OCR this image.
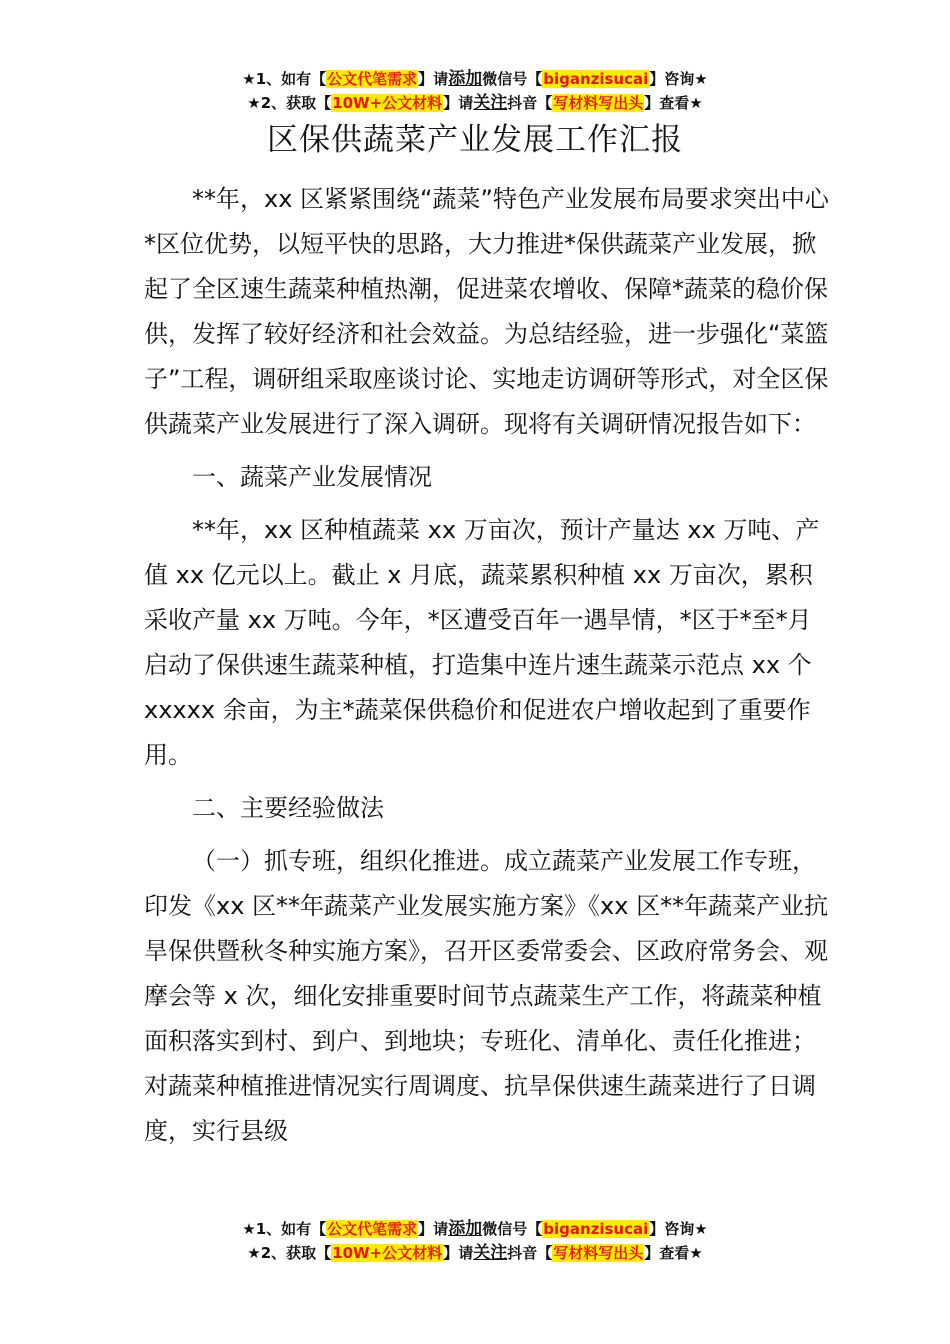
★1、如有【公文代笔需求】请添加微信号【biganzisucai】咨询★
★2、获取【10W+公文材料】请关注抖音【写材料写出头】查看★
区保供蔬菜产业发展工作汇报

**年，xx 区紧紧围绕“蔬菜”特色产业发展布局要求突出中心*区位优势，以短平快的思路，大力推进*保供蔬菜产业发展，掀起了全区速生蔬菜种植热潮，促进菜农增收、保障*蔬菜的稳价保供，发挥了较好经济和社会效益。为总结经验，进一步强化“菜篮子”工程，调研组采取座谈讨论、实地走访调研等形式，对全区保供蔬菜产业发展进行了深入调研。现将有关调研情况报告如下：

一、蔬菜产业发展情况

**年，xx 区种植蔬菜 xx 万亩次，预计产量达 xx 万吨、产值 xx 亿元以上。截止 x 月底，蔬菜累积种植 xx 万亩次，累积采收产量 xx 万吨。今年，*区遭受百年一遇旱情，*区于*至*月启动了保供速生蔬菜种植，打造集中连片速生蔬菜示范点 xx 个 xxxxx 余亩，为主*蔬菜保供稳价和促进农户增收起到了重要作用。

二、主要经验做法

（一）抓专班，组织化推进。成立蔬菜产业发展工作专班，印发《xx 区**年蔬菜产业发展实施方案》《xx 区**年蔬菜产业抗旱保供暨秋冬种实施方案》，召开区委常委会、区政府常务会、观摩会等 x 次，细化安排重要时间节点蔬菜生产工作，将蔬菜种植面积落实到村、到户、到地块；专班化、清单化、责任化推进；对蔬菜种植推进情况实行周调度、抗旱保供速生蔬菜进行了日调度，实行县级

★1、如有【公文代笔需求】请添加微信号【biganzisucai】咨询★
★2、获取【10W+公文材料】请关注抖音【写材料写出头】查看★
